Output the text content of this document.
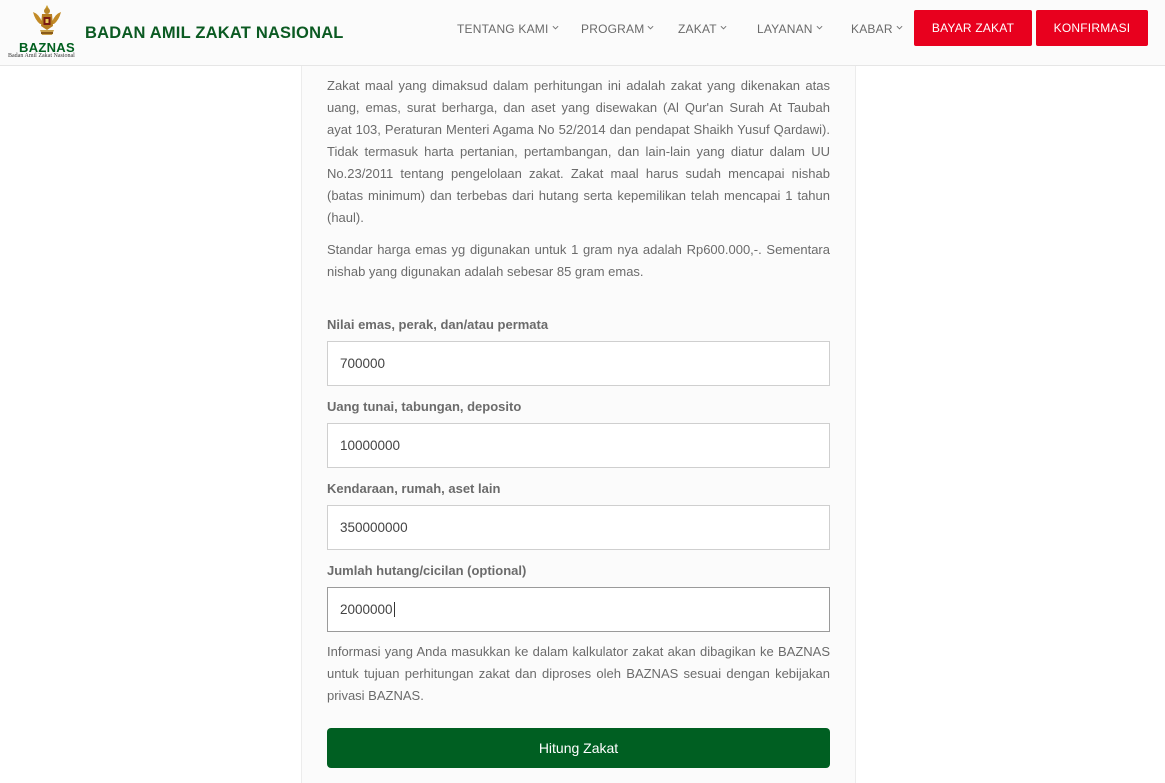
BAZNAS
Badan Amil Zakat Nasional
BADAN AMIL ZAKAT NASIONAL	TENTANG KAMI	PROGRAM	ZAKAT	LAYANAN	KABAR	BAYAR ZAKAT	KONFIRMASI

Zakat maal yang dimaksud dalam perhitungan ini adalah zakat yang dikenakan atas uang, emas, surat berharga, dan aset yang disewakan (Al Qur'an Surah At Taubah ayat 103, Peraturan Menteri Agama No 52/2014 dan pendapat Shaikh Yusuf Qardawi). Tidak termasuk harta pertanian, pertambangan, dan lain-lain yang diatur dalam UU No.23/2011 tentang pengelolaan zakat. Zakat maal harus sudah mencapai nishab (batas minimum) dan terbebas dari hutang serta kepemilikan telah mencapai 1 tahun (haul).

Standar harga emas yg digunakan untuk 1 gram nya adalah Rp600.000,-. Sementara nishab yang digunakan adalah sebesar 85 gram emas.

Nilai emas, perak, dan/atau permata
700000
Uang tunai, tabungan, deposito
10000000
Kendaraan, rumah, aset lain
350000000
Jumlah hutang/cicilan (optional)
2000000

Informasi yang Anda masukkan ke dalam kalkulator zakat akan dibagikan ke BAZNAS untuk tujuan perhitungan zakat dan diproses oleh BAZNAS sesuai dengan kebijakan privasi BAZNAS.

Hitung Zakat
